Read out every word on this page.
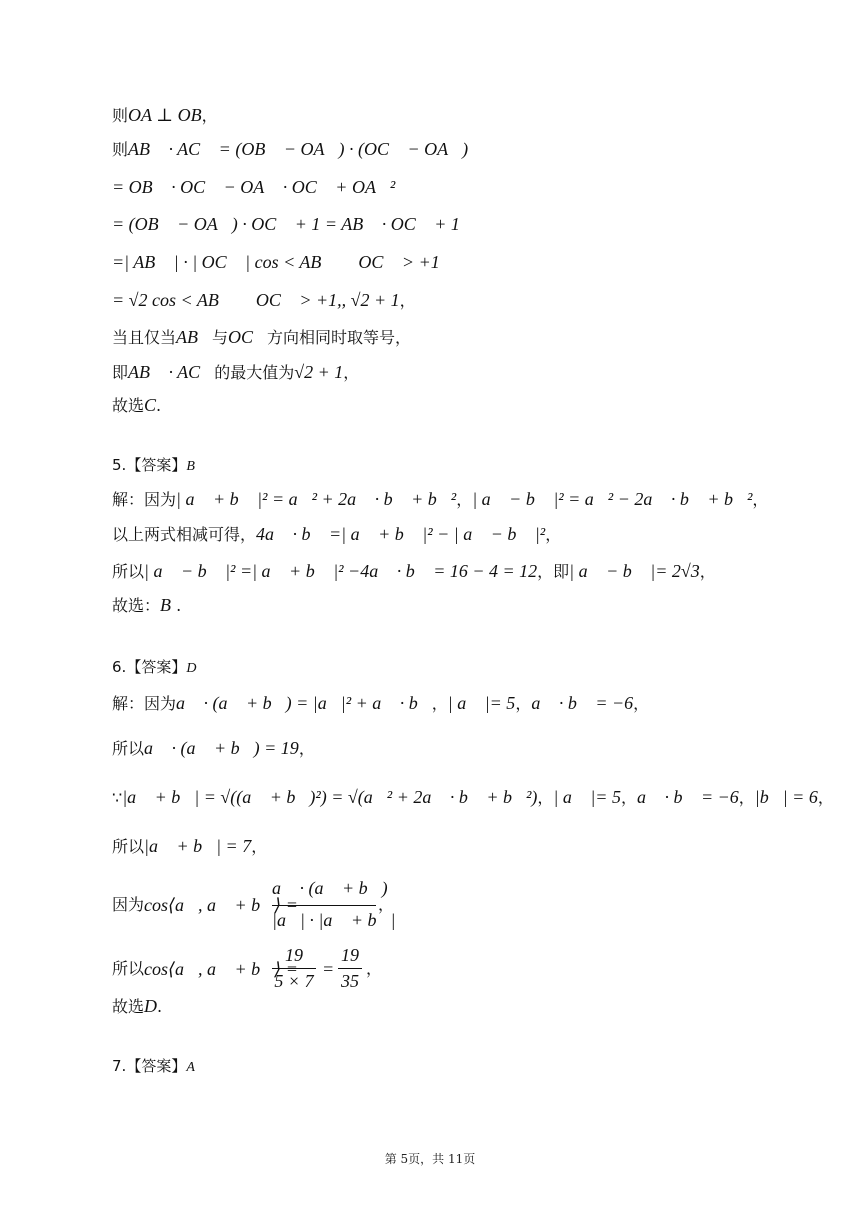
则OA ⊥ OB，
则AB⃗ · AC⃗ = (OB⃗ − OA⃗) · (OC⃗ − OA⃗)
= OB⃗ · OC⃗ − OA⃗ · OC⃗ + OA⃗²
= (OB⃗ − OA⃗) · OC⃗ + 1 = AB⃗ · OC⃗ + 1
=| AB⃗ | · | OC⃗ | cos < AB⃗ ， OC⃗ > +1
= √2 cos < AB⃗ ， OC⃗ > +1,, √2 + 1，
当且仅当AB⃗与OC⃗方向相同时取等号，
即AB⃗ · AC⃗的最大值为√2 + 1，
故选C.
5.【答案】B
解：因为| a⃗ + b⃗ |² = a⃗² + 2a⃗ · b⃗ + b⃗²，| a⃗ − b⃗ |² = a⃗² − 2a⃗ · b⃗ + b⃗²，
以上两式相减可得，4a⃗ · b⃗ =| a⃗ + b⃗ |² − | a⃗ − b⃗ |²，
所以| a⃗ − b⃗ |² =| a⃗ + b⃗ |² −4a⃗ · b⃗ = 16 − 4 = 12，即| a⃗ − b⃗ |= 2√3，
故选：B .
6.【答案】D
解：因为a⃗ · (a⃗ + b⃗) = |a⃗|² + a⃗ · b⃗，| a⃗ |= 5，a⃗ · b⃗ = −6，
所以a⃗ · (a⃗ + b⃗) = 19，
∵|a⃗ + b⃗| = √((a⃗ + b⃗)²) = √(a⃗² + 2a⃗ · b⃗ + b⃗²)，| a⃗ |= 5，a⃗ · b⃗ = −6，|b⃗| = 6，
所以|a⃗ + b⃗| = 7，
因为 cos⟨a⃗, a⃗ + b⃗⟩ =
a⃗ · (a⃗ + b⃗)
|a⃗| · |a⃗ + b⃗|
，
所以 cos⟨a⃗, a⃗ + b⃗⟩ =
19
5 × 7
=
19
35
，
故选D.
7.【答案】A
第 5页，共 11页
